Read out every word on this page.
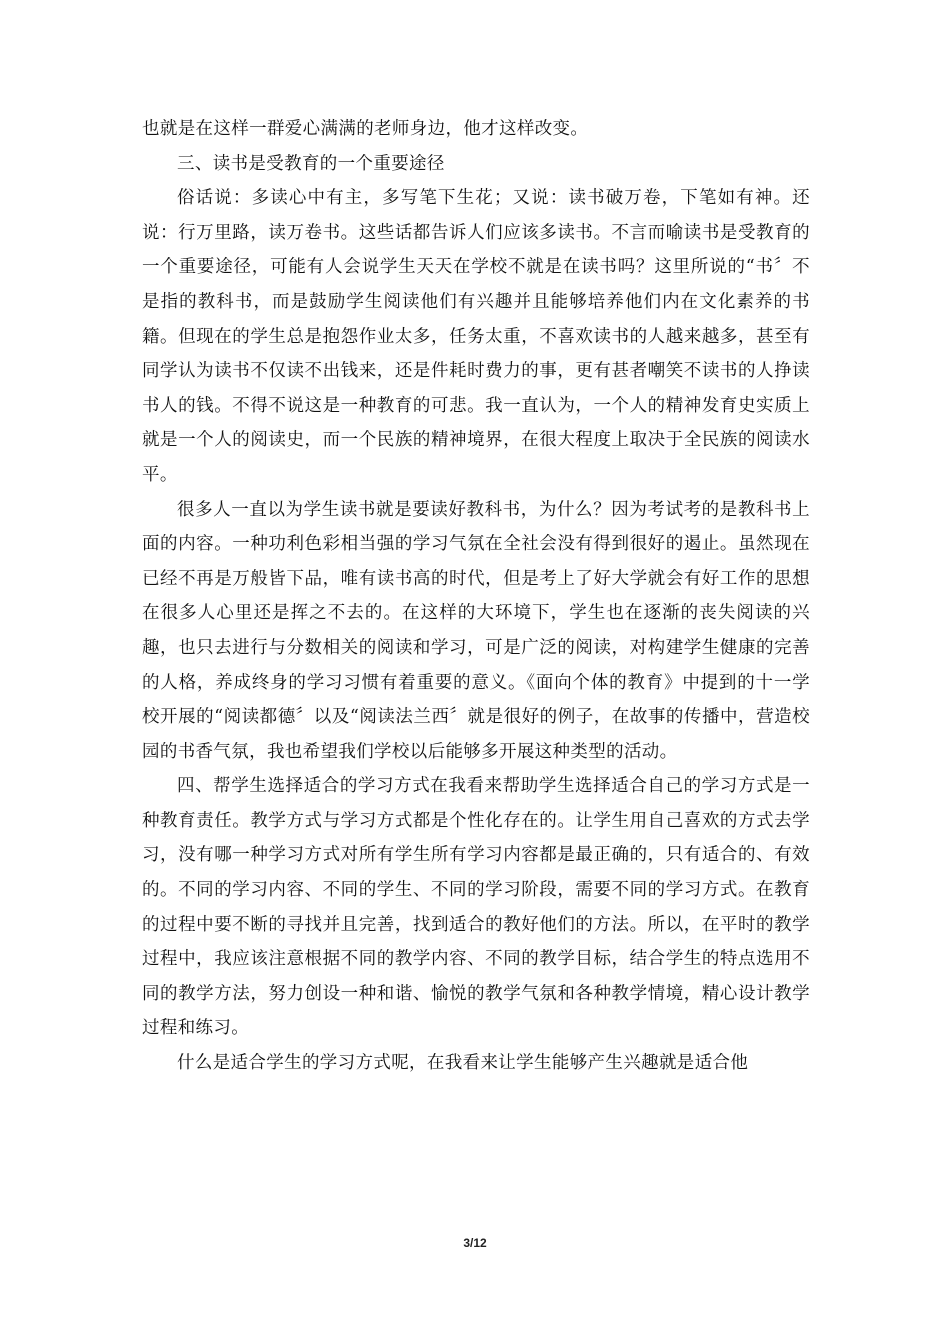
也就是在这样一群爱心满满的老师身边，他才这样改变。

三、读书是受教育的一个重要途径

俗话说：多读心中有主，多写笔下生花；又说：读书破万卷，下笔如有神。还说：行万里路，读万卷书。这些话都告诉人们应该多读书。不言而喻读书是受教育的一个重要途径，可能有人会说学生天天在学校不就是在读书吗？这里所说的“书〞不是指的教科书，而是鼓励学生阅读他们有兴趣并且能够培养他们内在文化素养的书籍。但现在的学生总是抱怨作业太多，任务太重，不喜欢读书的人越来越多，甚至有同学认为读书不仅读不出钱来，还是件耗时费力的事，更有甚者嘲笑不读书的人挣读书人的钱。不得不说这是一种教育的可悲。我一直认为，一个人的精神发育史实质上就是一个人的阅读史，而一个民族的精神境界，在很大程度上取决于全民族的阅读水平。

很多人一直以为学生读书就是要读好教科书，为什么？因为考试考的是教科书上面的内容。一种功利色彩相当强的学习气氛在全社会没有得到很好的遏止。虽然现在已经不再是万般皆下品，唯有读书高的时代，但是考上了好大学就会有好工作的思想在很多人心里还是挥之不去的。在这样的大环境下，学生也在逐渐的丧失阅读的兴趣，也只去进行与分数相关的阅读和学习，可是广泛的阅读，对构建学生健康的完善的人格，养成终身的学习习惯有着重要的意义。《面向个体的教育》中提到的十一学校开展的“阅读都德〞以及“阅读法兰西〞就是很好的例子，在故事的传播中，营造校园的书香气氛，我也希望我们学校以后能够多开展这种类型的活动。

四、帮学生选择适合的学习方式在我看来帮助学生选择适合自己的学习方式是一种教育责任。教学方式与学习方式都是个性化存在的。让学生用自己喜欢的方式去学习，没有哪一种学习方式对所有学生所有学习内容都是最正确的，只有适合的、有效的。不同的学习内容、不同的学生、不同的学习阶段，需要不同的学习方式。在教育的过程中要不断的寻找并且完善，找到适合的教好他们的方法。所以，在平时的教学过程中，我应该注意根据不同的教学内容、不同的教学目标，结合学生的特点选用不同的教学方法，努力创设一种和谐、愉悦的教学气氛和各种教学情境，精心设计教学过程和练习。

什么是适合学生的学习方式呢，在我看来让学生能够产生兴趣就是适合他

3/12
